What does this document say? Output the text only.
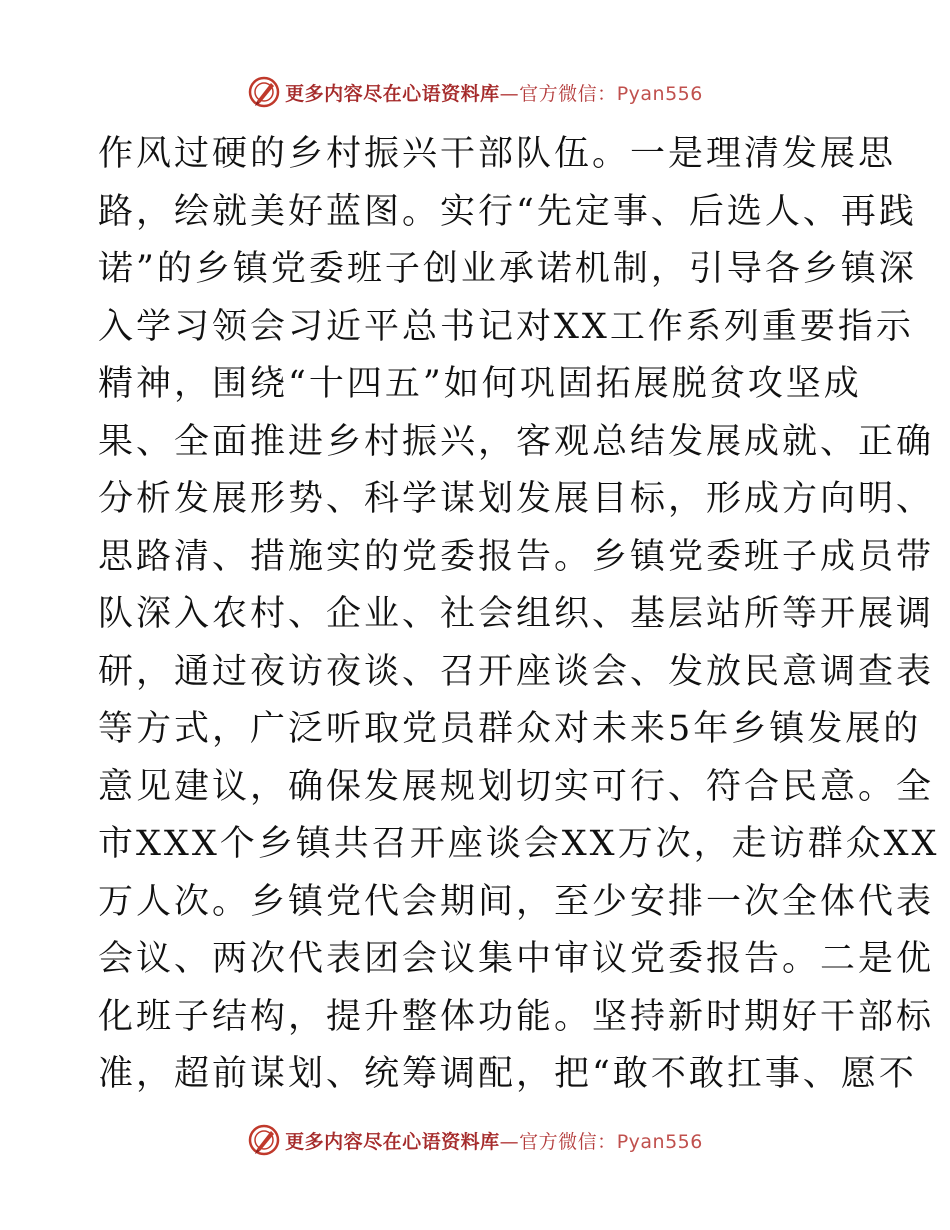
更多内容尽在心语资料库—官方微信：Pyan556
作风过硬的乡村振兴干部队伍。一是理清发展思
路，绘就美好蓝图。实行“先定事、后选人、再践
诺”的乡镇党委班子创业承诺机制，引导各乡镇深
入学习领会习近平总书记对XX工作系列重要指示
精神，围绕“十四五”如何巩固拓展脱贫攻坚成
果、全面推进乡村振兴，客观总结发展成就、正确
分析发展形势、科学谋划发展目标，形成方向明、
思路清、措施实的党委报告。乡镇党委班子成员带
队深入农村、企业、社会组织、基层站所等开展调
研，通过夜访夜谈、召开座谈会、发放民意调查表
等方式，广泛听取党员群众对未来5年乡镇发展的
意见建议，确保发展规划切实可行、符合民意。全
市XXX个乡镇共召开座谈会XX万次，走访群众XX
万人次。乡镇党代会期间，至少安排一次全体代表
会议、两次代表团会议集中审议党委报告。二是优
化班子结构，提升整体功能。坚持新时期好干部标
准，超前谋划、统筹调配，把“敢不敢扛事、愿不
更多内容尽在心语资料库—官方微信：Pyan556
